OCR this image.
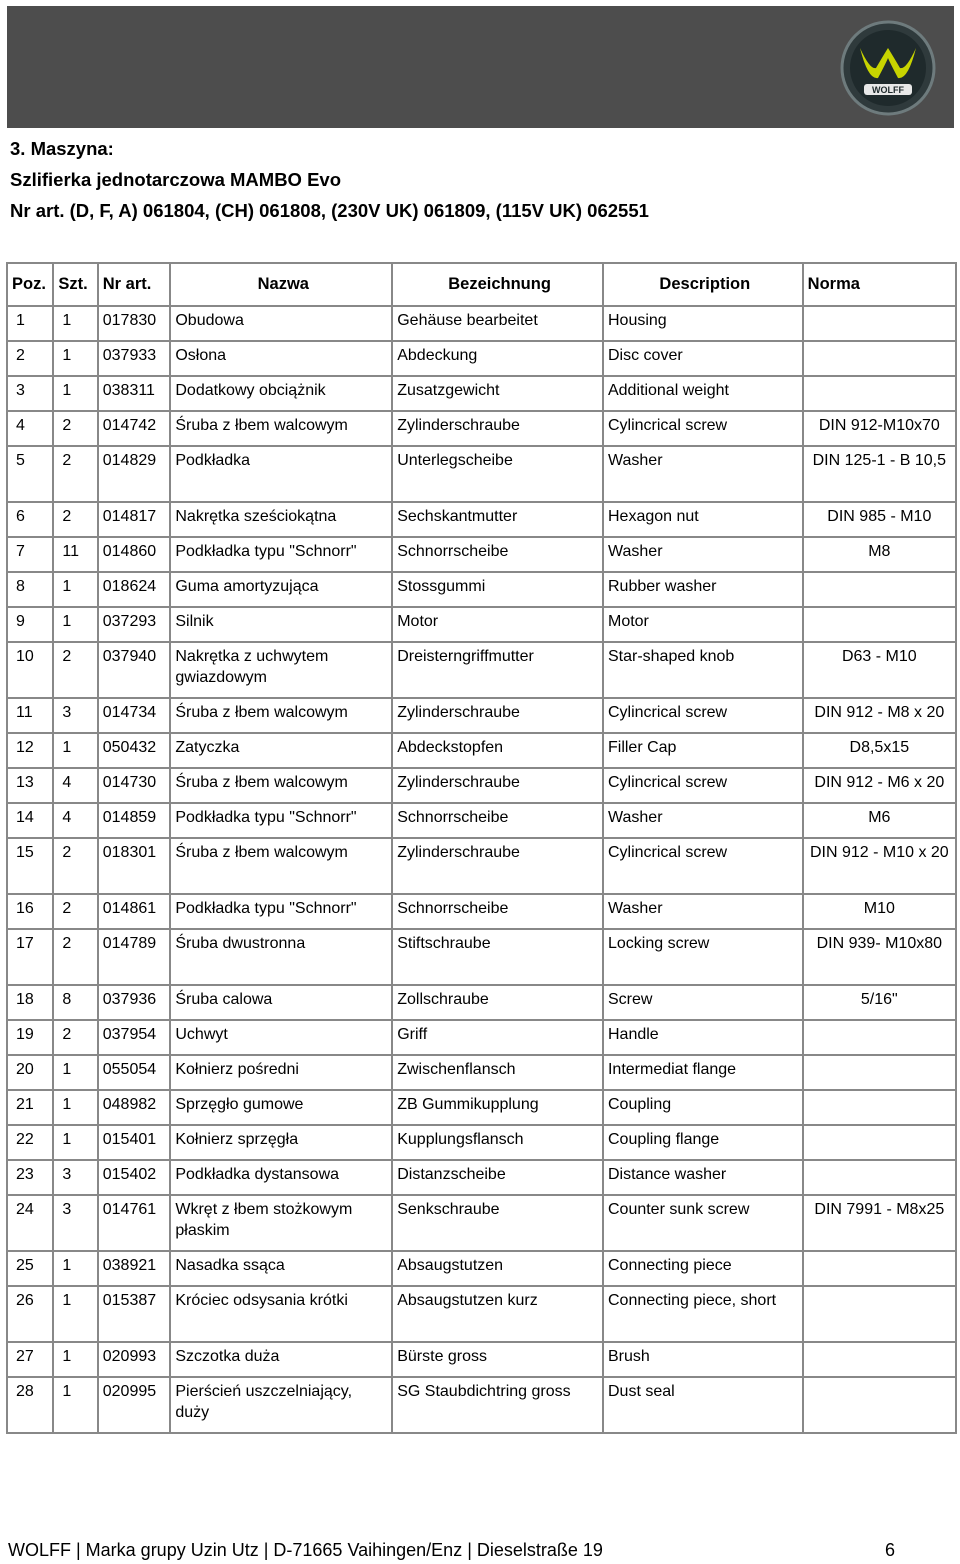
WOLFF
3. Maszyna:
Szlifierka jednotarczowa MAMBO Evo
Nr art. (D, F, A) 061804, (CH) 061808, (230V UK) 061809, (115V UK) 062551
Poz.	Szt.	Nr art.	Nazwa	Bezeichnung	Description	Norma
1	1	017830	Obudowa	Gehäuse bearbeitet	Housing	
2	1	037933	Osłona	Abdeckung	Disc cover	
3	1	038311	Dodatkowy obciążnik	Zusatzgewicht	Additional weight	
4	2	014742	Śruba z łbem walcowym	Zylinderschraube	Cylincrical screw	DIN 912-M10x70
5	2	014829	Podkładka	Unterlegscheibe	Washer	DIN 125-1 - B 10,5
6	2	014817	Nakrętka sześciokątna	Sechskantmutter	Hexagon nut	DIN 985 - M10
7	11	014860	Podkładka typu "Schnorr"	Schnorrscheibe	Washer	M8
8	1	018624	Guma amortyzująca	Stossgummi	Rubber washer	
9	1	037293	Silnik	Motor	Motor	
10	2	037940	Nakrętka z uchwytem gwiazdowym	Dreisterngriffmutter	Star-shaped knob	D63 - M10
11	3	014734	Śruba z łbem walcowym	Zylinderschraube	Cylincrical screw	DIN 912 - M8 x 20
12	1	050432	Zatyczka	Abdeckstopfen	Filler Cap	D8,5x15
13	4	014730	Śruba z łbem walcowym	Zylinderschraube	Cylincrical screw	DIN 912 - M6 x 20
14	4	014859	Podkładka typu "Schnorr"	Schnorrscheibe	Washer	M6
15	2	018301	Śruba z łbem walcowym	Zylinderschraube	Cylincrical screw	DIN 912 - M10 x 20
16	2	014861	Podkładka typu "Schnorr"	Schnorrscheibe	Washer	M10
17	2	014789	Śruba dwustronna	Stiftschraube	Locking screw	DIN 939- M10x80
18	8	037936	Śruba calowa	Zollschraube	Screw	5/16"
19	2	037954	Uchwyt	Griff	Handle	
20	1	055054	Kołnierz pośredni	Zwischenflansch	Intermediat flange	
21	1	048982	Sprzęgło gumowe	ZB Gummikupplung	Coupling	
22	1	015401	Kołnierz sprzęgła	Kupplungsflansch	Coupling flange	
23	3	015402	Podkładka dystansowa	Distanzscheibe	Distance washer	
24	3	014761	Wkręt z łbem stożkowym płaskim	Senkschraube	Counter sunk screw	DIN 7991 - M8x25
25	1	038921	Nasadka ssąca	Absaugstutzen	Connecting piece	
26	1	015387	Króciec odsysania krótki	Absaugstutzen kurz	Connecting piece, short	
27	1	020993	Szczotka duża	Bürste gross	Brush	
28	1	020995	Pierścień uszczelniający, duży	SG Staubdichtring gross	Dust seal	
WOLFF | Marka grupy Uzin Utz | D-71665 Vaihingen/Enz | Dieselstraße 19	6
